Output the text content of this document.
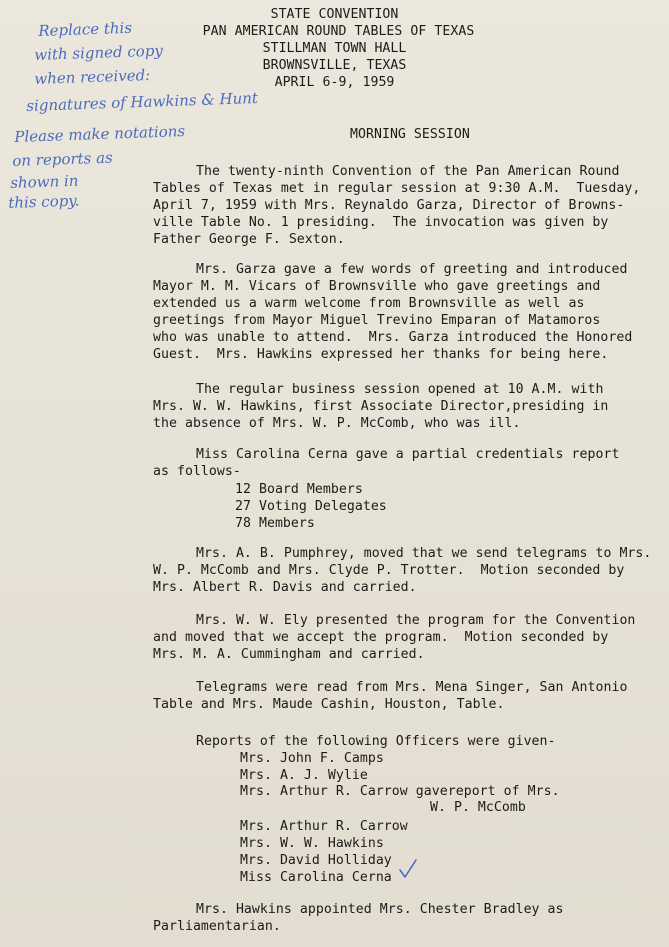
STATE CONVENTION
PAN AMERICAN ROUND TABLES OF TEXAS
STILLMAN TOWN HALL
BROWNSVILLE, TEXAS
APRIL 6-9, 1959
Replace this
with signed copy
when received:
signatures of Hawkins & Hunt
Please make notations
on reports as
shown in
this copy.
MORNING SESSION
The twenty-ninth Convention of the Pan American Round
Tables of Texas met in regular session at 9:30 A.M.  Tuesday,
April 7, 1959 with Mrs. Reynaldo Garza, Director of Browns-
ville Table No. 1 presiding.  The invocation was given by
Father George F. Sexton.
Mrs. Garza gave a few words of greeting and introduced
Mayor M. M. Vicars of Brownsville who gave greetings and
extended us a warm welcome from Brownsville as well as
greetings from Mayor Miguel Trevino Emparan of Matamoros
who was unable to attend.  Mrs. Garza introduced the Honored
Guest.  Mrs. Hawkins expressed her thanks for being here.
The regular business session opened at 10 A.M. with
Mrs. W. W. Hawkins, first Associate Director,presiding in
the absence of Mrs. W. P. McComb, who was ill.
Miss Carolina Cerna gave a partial credentials report
as follows-
12 Board Members
27 Voting Delegates
78 Members
Mrs. A. B. Pumphrey, moved that we send telegrams to Mrs.
W. P. McComb and Mrs. Clyde P. Trotter.  Motion seconded by
Mrs. Albert R. Davis and carried.
Mrs. W. W. Ely presented the program for the Convention
and moved that we accept the program.  Motion seconded by
Mrs. M. A. Cummingham and carried.
Telegrams were read from Mrs. Mena Singer, San Antonio
Table and Mrs. Maude Cashin, Houston, Table.
Reports of the following Officers were given-
Mrs. John F. Camps
Mrs. A. J. Wylie
Mrs. Arthur R. Carrow gavereport of Mrs.
W. P. McComb
Mrs. Arthur R. Carrow
Mrs. W. W. Hawkins
Mrs. David Holliday
Miss Carolina Cerna
Mrs. Hawkins appointed Mrs. Chester Bradley as
Parliamentarian.
